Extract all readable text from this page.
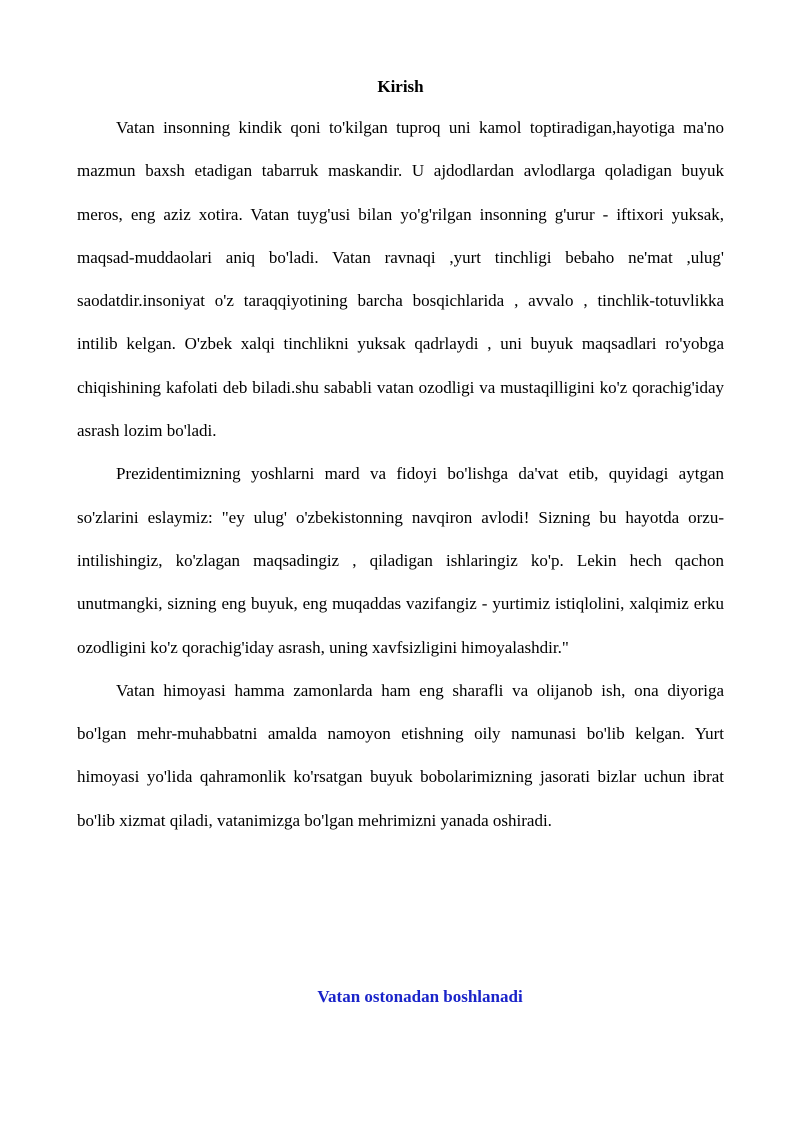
Kirish

Vatan insonning kindik qoni to'kilgan tuproq uni kamol toptiradigan,hayotiga ma'no mazmun baxsh etadigan tabarruk maskandir. U ajdodlardan avlodlarga qoladigan buyuk meros, eng aziz xotira. Vatan tuyg'usi bilan yo'g'rilgan insonning g'urur - iftixori yuksak, maqsad-muddaolari aniq bo'ladi. Vatan ravnaqi ,yurt tinchligi bebaho ne'mat ,ulug' saodatdir.insoniyat o'z taraqqiyotining barcha bosqichlarida , avvalo , tinchlik-totuvlikka intilib kelgan. O'zbek xalqi tinchlikni yuksak qadrlaydi , uni buyuk maqsadlari ro'yobga chiqishining kafolati deb biladi.shu sababli vatan ozodligi va mustaqilligini ko'z qorachig'iday asrash lozim bo'ladi.

Prezidentimizning yoshlarni mard va fidoyi bo'lishga da'vat etib, quyidagi aytgan so'zlarini eslaymiz: "ey ulug' o'zbekistonning navqiron avlodi! Sizning bu hayotda orzu-intilishingiz, ko'zlagan maqsadingiz , qiladigan ishlaringiz ko'p. Lekin hech qachon unutmangki, sizning eng buyuk, eng muqaddas vazifangiz - yurtimiz istiqlolini, xalqimiz erku ozodligini ko'z qorachig'iday asrash, uning xavfsizligini himoyalashdir."

Vatan himoyasi hamma zamonlarda ham eng sharafli va olijanob ish, ona diyoriga bo'lgan mehr-muhabbatni amalda namoyon etishning oily namunasi bo'lib kelgan. Yurt himoyasi yo'lida qahramonlik ko'rsatgan buyuk bobolarimizning jasorati bizlar uchun ibrat bo'lib xizmat qiladi, vatanimizga bo'lgan mehrimizni yanada oshiradi.

Vatan ostonadan boshlanadi
